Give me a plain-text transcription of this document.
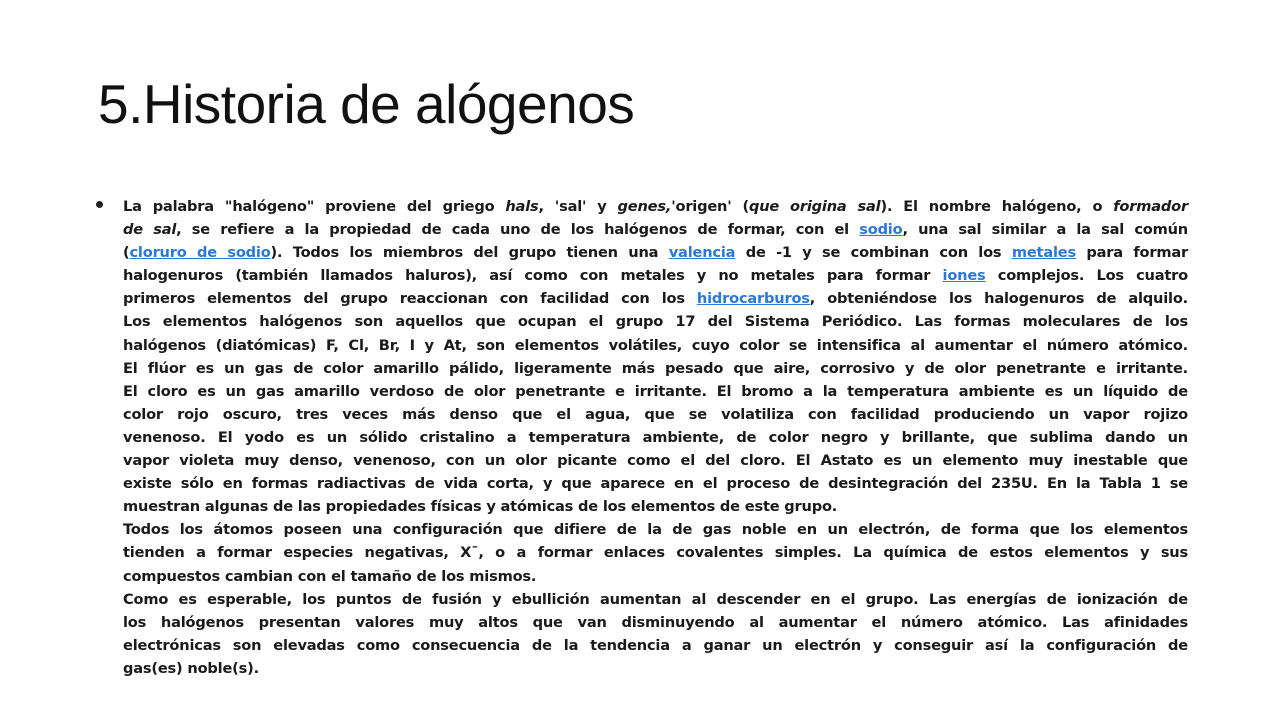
5.Historia de alógenos
La palabra "halógeno" proviene del griego hals, 'sal' y genes,'origen' (que origina sal). El nombre halógeno, o formador
de sal, se refiere a la propiedad de cada uno de los halógenos de formar, con el sodio, una sal similar a la sal común
(cloruro de sodio). Todos los miembros del grupo tienen una valencia de -1 y se combinan con los metales para formar
halogenuros (también llamados haluros), así como con metales y no metales para formar iones complejos. Los cuatro
primeros elementos del grupo reaccionan con facilidad con los hidrocarburos, obteniéndose los halogenuros de alquilo.
Los elementos halógenos son aquellos que ocupan el grupo 17 del Sistema Periódico. Las formas moleculares de los
halógenos (diatómicas) F, Cl, Br, I y At, son elementos volátiles, cuyo color se intensifica al aumentar el número atómico.
El flúor es un gas de color amarillo pálido, ligeramente más pesado que aire, corrosivo y de olor penetrante e irritante.
El cloro es un gas amarillo verdoso de olor penetrante e irritante. El bromo a la temperatura ambiente es un líquido de
color rojo oscuro, tres veces más denso que el agua, que se volatiliza con facilidad produciendo un vapor rojizo
venenoso. El yodo es un sólido cristalino a temperatura ambiente, de color negro y brillante, que sublima dando un
vapor violeta muy denso, venenoso, con un olor picante como el del cloro. El Astato es un elemento muy inestable que
existe sólo en formas radiactivas de vida corta, y que aparece en el proceso de desintegración del 235U. En la Tabla 1 se
muestran algunas de las propiedades físicas y atómicas de los elementos de este grupo.
Todos los átomos poseen una configuración que difiere de la de gas noble en un electrón, de forma que los elementos
tienden a formar especies negativas, X¯, o a formar enlaces covalentes simples. La química de estos elementos y sus
compuestos cambian con el tamaño de los mismos.
Como es esperable, los puntos de fusión y ebullición aumentan al descender en el grupo. Las energías de ionización de
los halógenos presentan valores muy altos que van disminuyendo al aumentar el número atómico. Las afinidades
electrónicas son elevadas como consecuencia de la tendencia a ganar un electrón y conseguir así la configuración de
gas(es) noble(s).
